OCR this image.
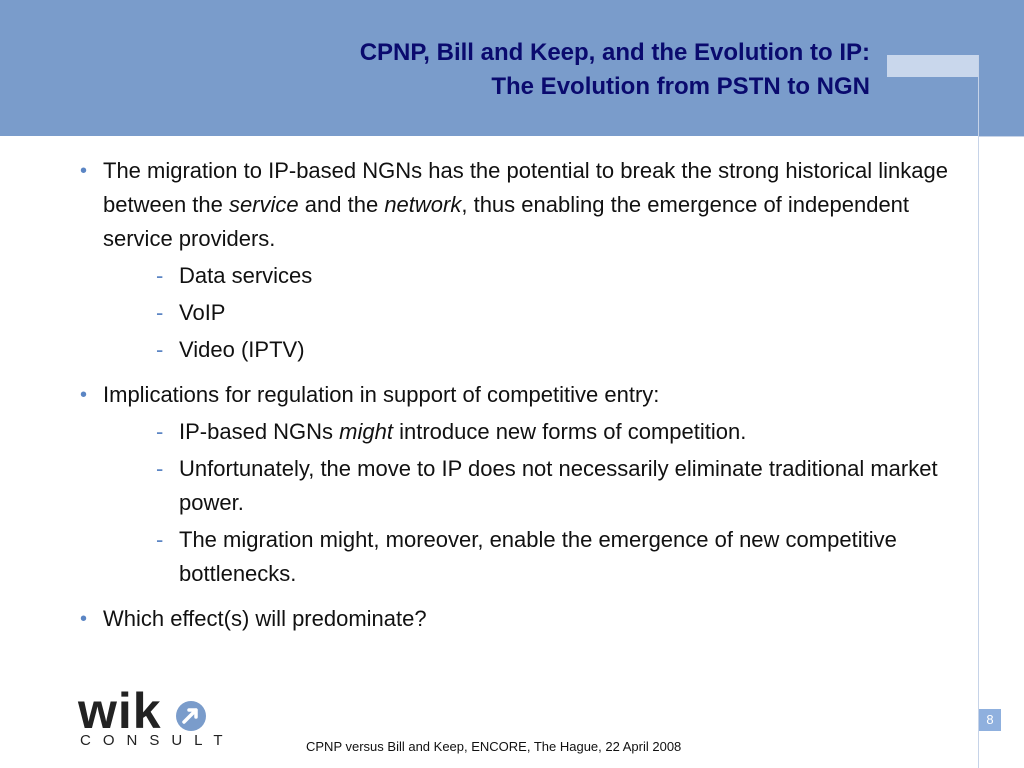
CPNP, Bill and Keep, and the Evolution to IP:
The Evolution from PSTN to NGN
• The migration to IP-based NGNs has the potential to break the strong historical linkage between the service and the network, thus enabling the emergence of independent service providers.
- Data services
- VoIP
- Video (IPTV)
• Implications for regulation in support of competitive entry:
- IP-based NGNs might introduce new forms of competition.
- Unfortunately, the move to IP does not necessarily eliminate traditional market power.
- The migration might, moreover, enable the emergence of new competitive bottlenecks.
• Which effect(s) will predominate?
wik
CONSULT	CPNP versus Bill and Keep, ENCORE, The Hague, 22 April 2008
8
